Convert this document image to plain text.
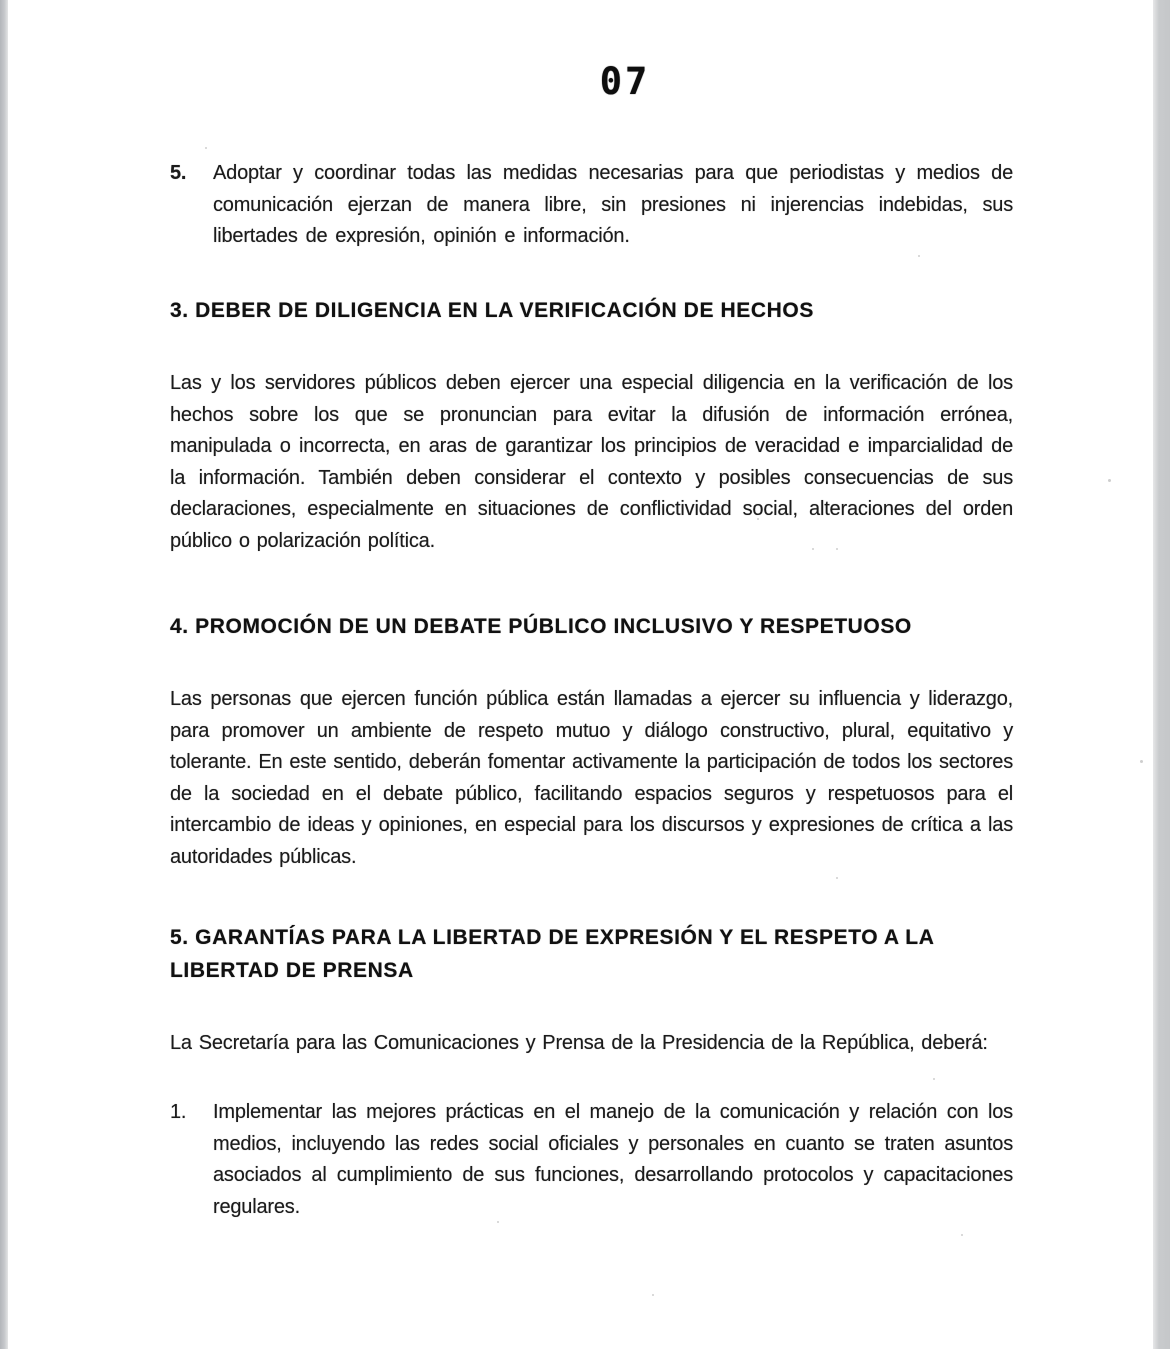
07
5.	Adoptar y coordinar todas las medidas necesarias para que periodistas y medios de comunicación ejerzan de manera libre, sin presiones ni injerencias indebidas, sus libertades de expresión, opinión e información.

3. DEBER DE DILIGENCIA EN LA VERIFICACIÓN DE HECHOS

Las y los servidores públicos deben ejercer una especial diligencia en la verificación de los hechos sobre los que se pronuncian para evitar la difusión de información errónea, manipulada o incorrecta, en aras de garantizar los principios de veracidad e imparcialidad de la información. También deben considerar el contexto y posibles consecuencias de sus declaraciones, especialmente en situaciones de conflictividad social, alteraciones del orden público o polarización política.

4. PROMOCIÓN DE UN DEBATE PÚBLICO INCLUSIVO Y RESPETUOSO

Las personas que ejercen función pública están llamadas a ejercer su influencia y liderazgo, para promover un ambiente de respeto mutuo y diálogo constructivo, plural, equitativo y tolerante. En este sentido, deberán fomentar activamente la participación de todos los sectores de la sociedad en el debate público, facilitando espacios seguros y respetuosos para el intercambio de ideas y opiniones, en especial para los discursos y expresiones de crítica a las autoridades públicas.

5. GARANTÍAS PARA LA LIBERTAD DE EXPRESIÓN Y EL RESPETO A LA LIBERTAD DE PRENSA

La Secretaría para las Comunicaciones y Prensa de la Presidencia de la República, deberá:

1.	Implementar las mejores prácticas en el manejo de la comunicación y relación con los medios, incluyendo las redes social oficiales y personales en cuanto se traten asuntos asociados al cumplimiento de sus funciones, desarrollando protocolos y capacitaciones regulares.
